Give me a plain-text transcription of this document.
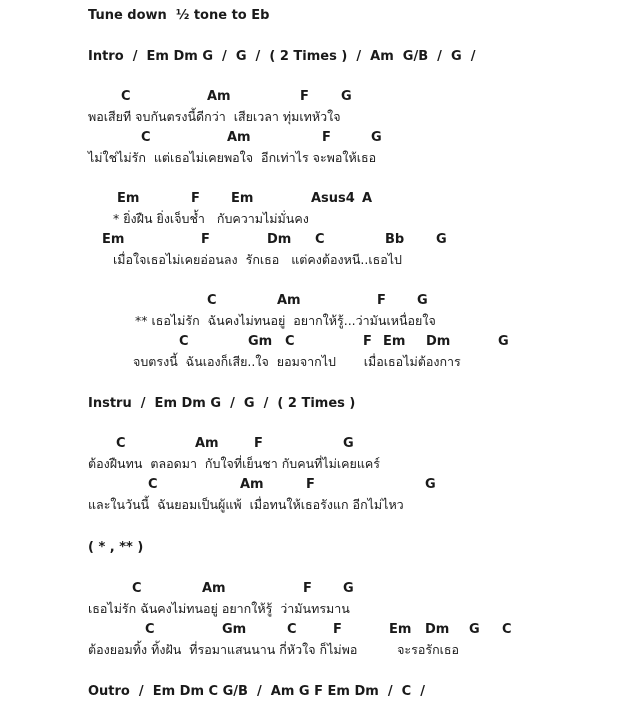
Tune down  ½ tone to Eb
Intro  /  Em Dm G  /  G  /  ( 2 Times )  /  Am  G/B  /  G  /
C	Am	F G
พอเสียที จบกันตรงนี้ดีกว่า  เสียเวลา ทุ่มเทหัวใจ
C	Am	F	G
ไม่ใช่ไม่รัก  แต่เธอไม่เคยพอใจ  อีกเท่าไร จะพอให้เธอ
Em	F Em	Asus4 A
* ยิ่งฝืน ยิ่งเจ็บช้ำ   กับความไม่มั่นคง
Em	F	Dm C	Bb G
เมื่อใจเธอไม่เคยอ่อนลง  รักเธอ   แต่คงต้องหนี..เธอไป
C	Am	F G
** เธอไม่รัก  ฉันคงไม่ทนอยู่  อยากให้รู้...ว่ามันเหนื่อยใจ
C	Gm C	F Em Dm	G
จบตรงนี้  ฉันเองก็เสีย..ใจ  ยอมจากไป       เมื่อเธอไม่ต้องการ
Instru  /  Em Dm G  /  G  /  ( 2 Times )
C	Am	F	G
ต้องฝืนทน  ตลอดมา  กับใจที่เย็นชา กับคนที่ไม่เคยแคร์
C	Am	F	G
และในวันนี้  ฉันยอมเป็นผู้แพ้  เมื่อทนให้เธอรังแก อีกไม่ไหว
( * , ** )
C	Am	F G
เธอไม่รัก ฉันคงไม่ทนอยู่ อยากให้รู้  ว่ามันทรมาน
C	Gm	C	F	Em Dm G C
ต้องยอมทิ้ง ทิ้งฝัน  ที่รอมาแสนนาน กี่หัวใจ ก็ไม่พอ          จะรอรักเธอ
Outro  /  Em Dm C G/B  /  Am G F Em Dm  /  C  /
